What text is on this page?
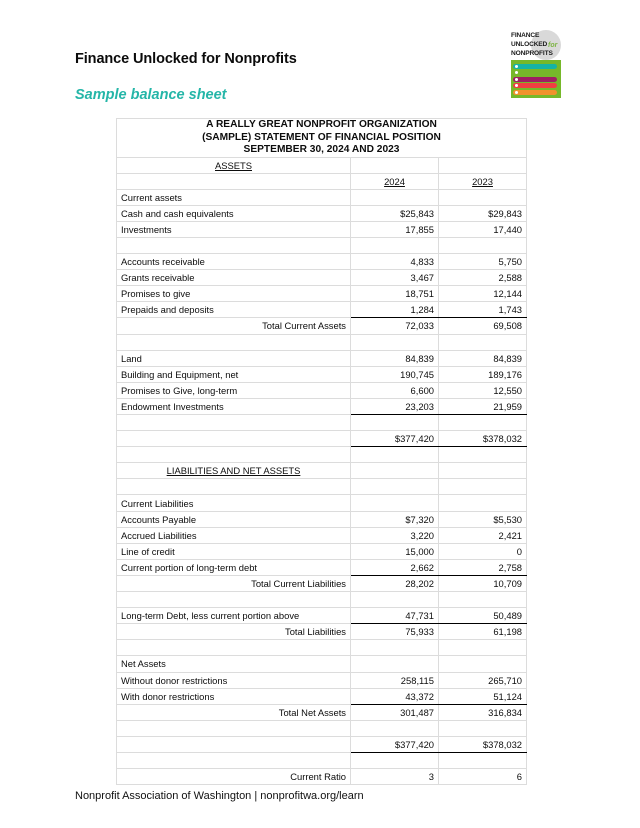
Finance Unlocked for Nonprofits
Sample balance sheet
FINANCE
UNLOCKED
NONPROFITS
for
A REALLY GREAT NONPROFIT ORGANIZATION
(SAMPLE) STATEMENT OF FINANCIAL POSITION
SEPTEMBER 30, 2024 AND 2023		

ASSETS		
	2024	2023
Current assets		
Cash and cash equivalents	$25,843	$29,843
Investments	17,855	17,440

Accounts receivable	4,833	5,750
Grants receivable	3,467	2,588
Promises to give	18,751	12,144
Prepaids and deposits	1,284	1,743
Total Current Assets	72,033	69,508

Land	84,839	84,839
Building and Equipment, net	190,745	189,176
Promises to Give, long-term	6,600	12,550
Endowment Investments	23,203	21,959

	$377,420	$378,032

LIABILITIES AND NET ASSETS		

Current Liabilities		
Accounts Payable	$7,320	$5,530
Accrued Liabilities	3,220	2,421
Line of credit	15,000	0
Current portion of long-term debt	2,662	2,758
Total Current Liabilities	28,202	10,709

Long-term Debt, less current portion above	47,731	50,489
Total Liabilities	75,933	61,198

Net Assets		
Without donor restrictions	258,115	265,710
With donor restrictions	43,372	51,124
Total Net Assets	301,487	316,834

	$377,420	$378,032

Current Ratio	3	6
Nonprofit Association of Washington | nonprofitwa.org/learn
